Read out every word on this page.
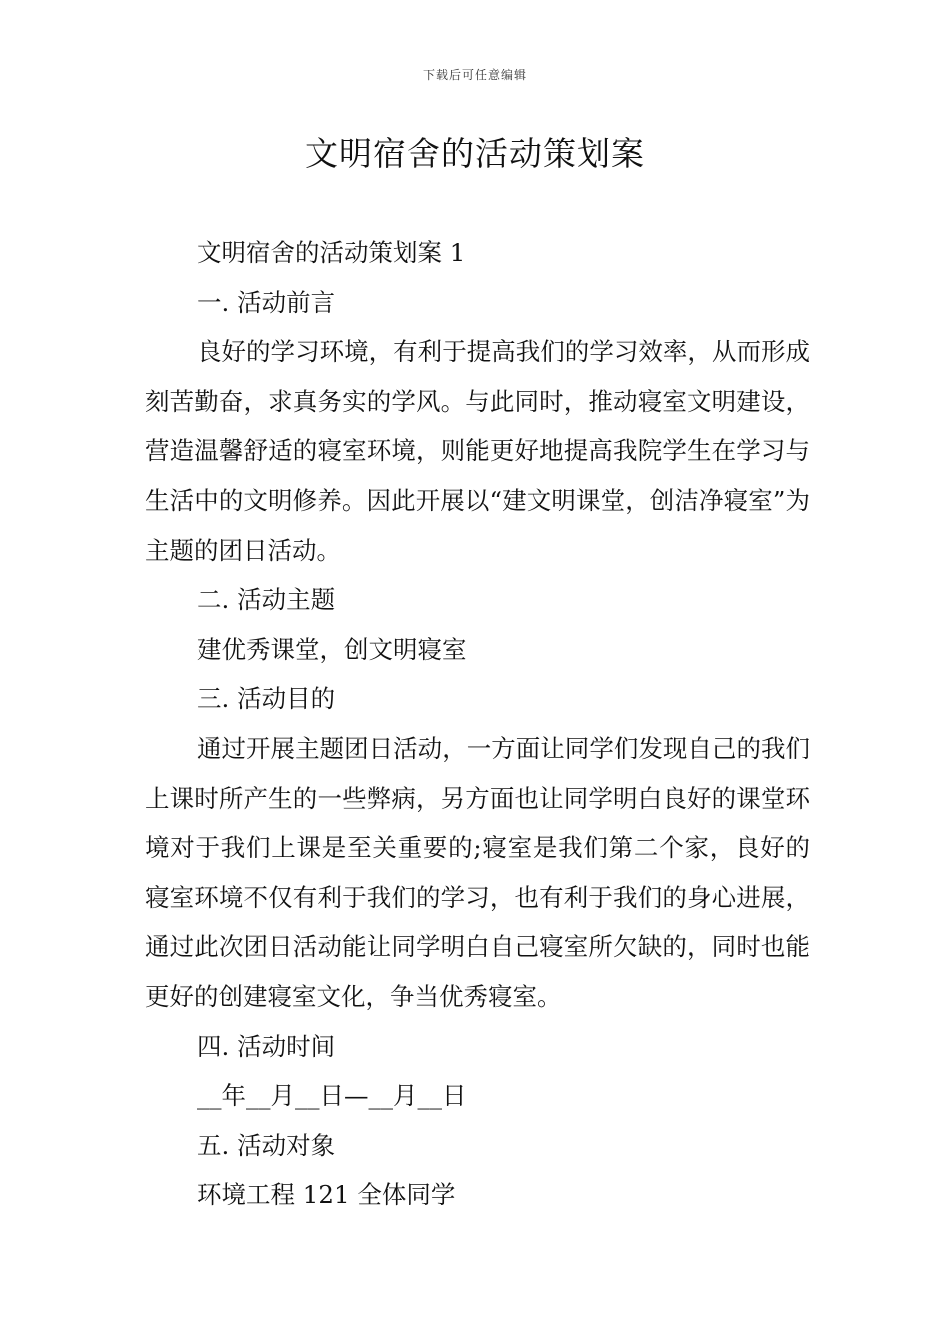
下载后可任意编辑
文明宿舍的活动策划案

文明宿舍的活动策划案 1

一. 活动前言

良好的学习环境，有利于提高我们的学习效率，从而形成刻苦勤奋，求真务实的学风。与此同时，推动寝室文明建设，营造温馨舒适的寝室环境，则能更好地提高我院学生在学习与生活中的文明修养。因此开展以“建文明课堂，创洁净寝室”为主题的团日活动。

二. 活动主题

建优秀课堂，创文明寝室

三. 活动目的

通过开展主题团日活动，一方面让同学们发现自己的我们上课时所产生的一些弊病，另方面也让同学明白良好的课堂环境对于我们上课是至关重要的;寝室是我们第二个家，良好的寝室环境不仅有利于我们的学习，也有利于我们的身心进展，通过此次团日活动能让同学明白自己寝室所欠缺的，同时也能更好的创建寝室文化，争当优秀寝室。

四. 活动时间

__年__月__日—__月__日

五. 活动对象

环境工程 121 全体同学
